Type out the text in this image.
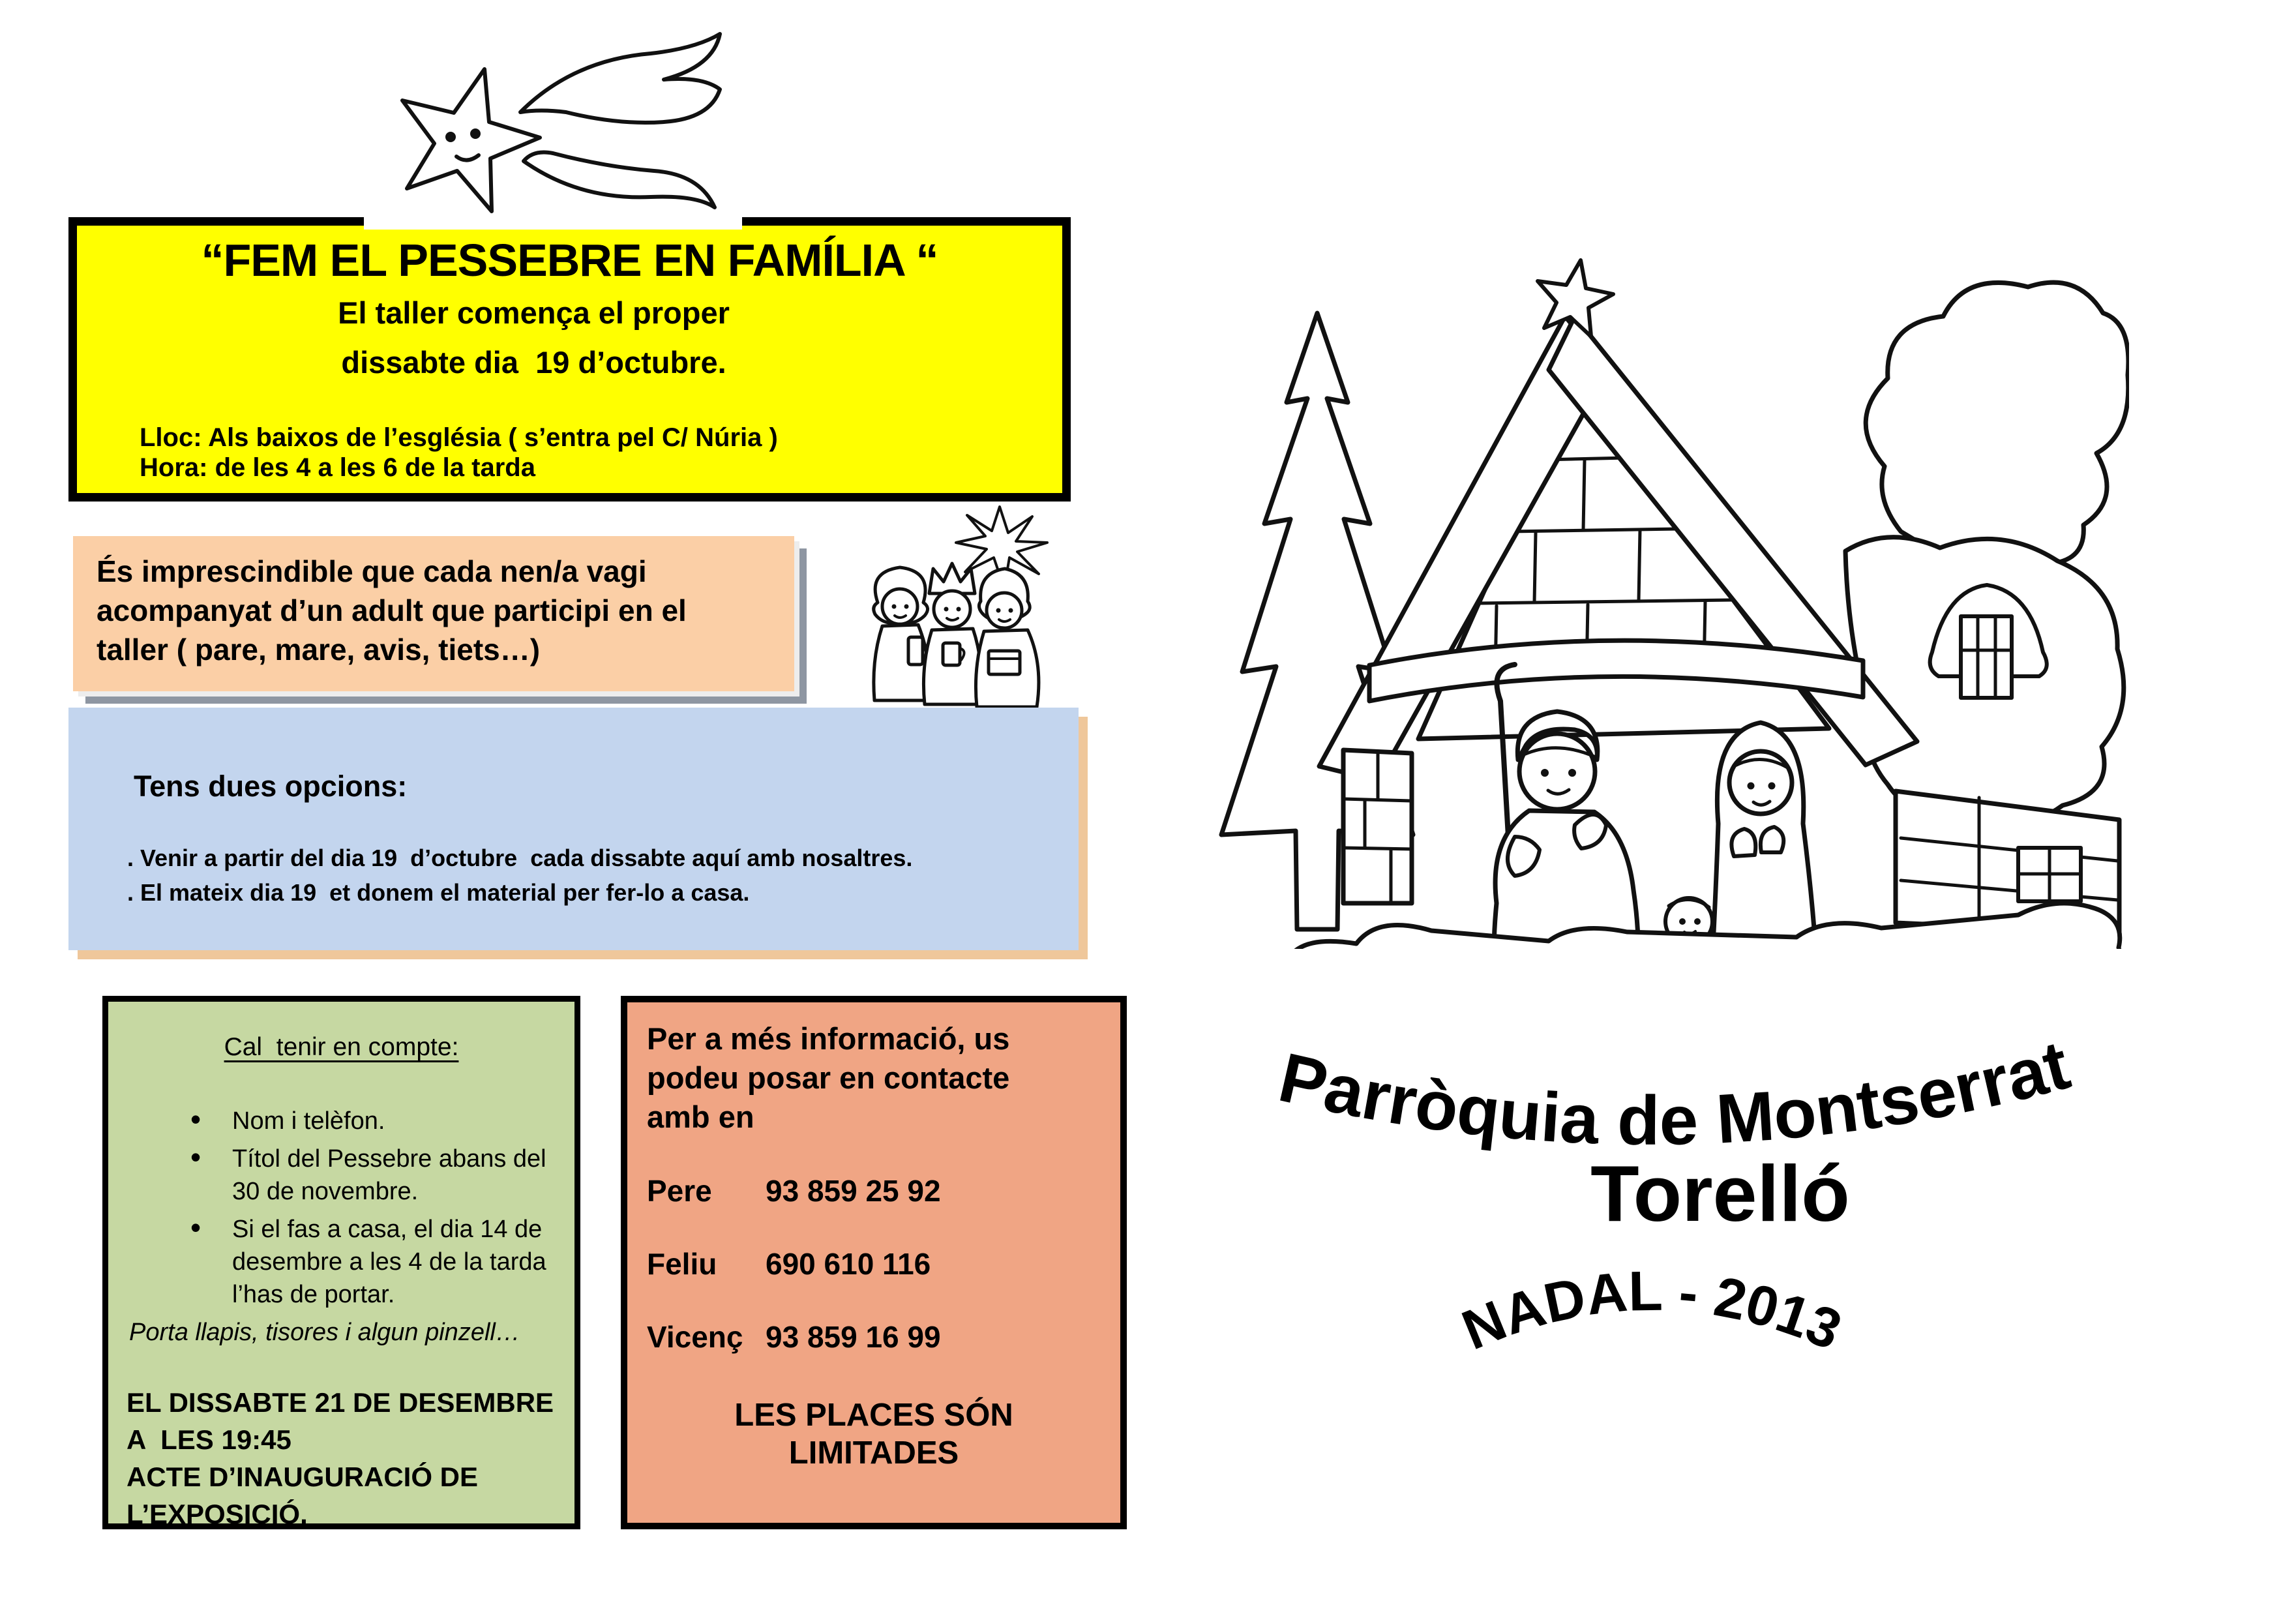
“FEM EL PESSEBRE EN FAMÍLIA “
El taller comença el proper
dissabte dia  19 d’octubre.
Lloc: Als baixos de l’església ( s’entra pel C/ Núria )
Hora: de les 4 a les 6 de la tarda
És imprescindible que cada nen/a vagi
acompanyat d’un adult que participi en el
taller ( pare, mare, avis, tiets…)
Tens dues opcions:
. Venir a partir del dia 19  d’octubre  cada dissabte aquí amb nosaltres.
. El mateix dia 19  et donem el material per fer-lo a casa.
Cal  tenir en compte:
• Nom i telèfon.
• Títol del Pessebre abans del 30 de novembre.
• Si el fas a casa, el dia 14 de desembre a les 4 de la tarda l’has de portar.
Porta llapis, tisores i algun pinzell…
EL DISSABTE 21 DE DESEMBRE
A  LES 19:45
ACTE D’INAUGURACIÓ DE
L’EXPOSICIÓ.
Per a més informació, us
podeu posar en contacte
amb en
Pere	93 859 25 92
Feliu	690 610 116
Vicenç 93 859 16 99
LES PLACES SÓN
LIMITADES
Parròquia de Montserrat
Torelló
NADAL - 2013
